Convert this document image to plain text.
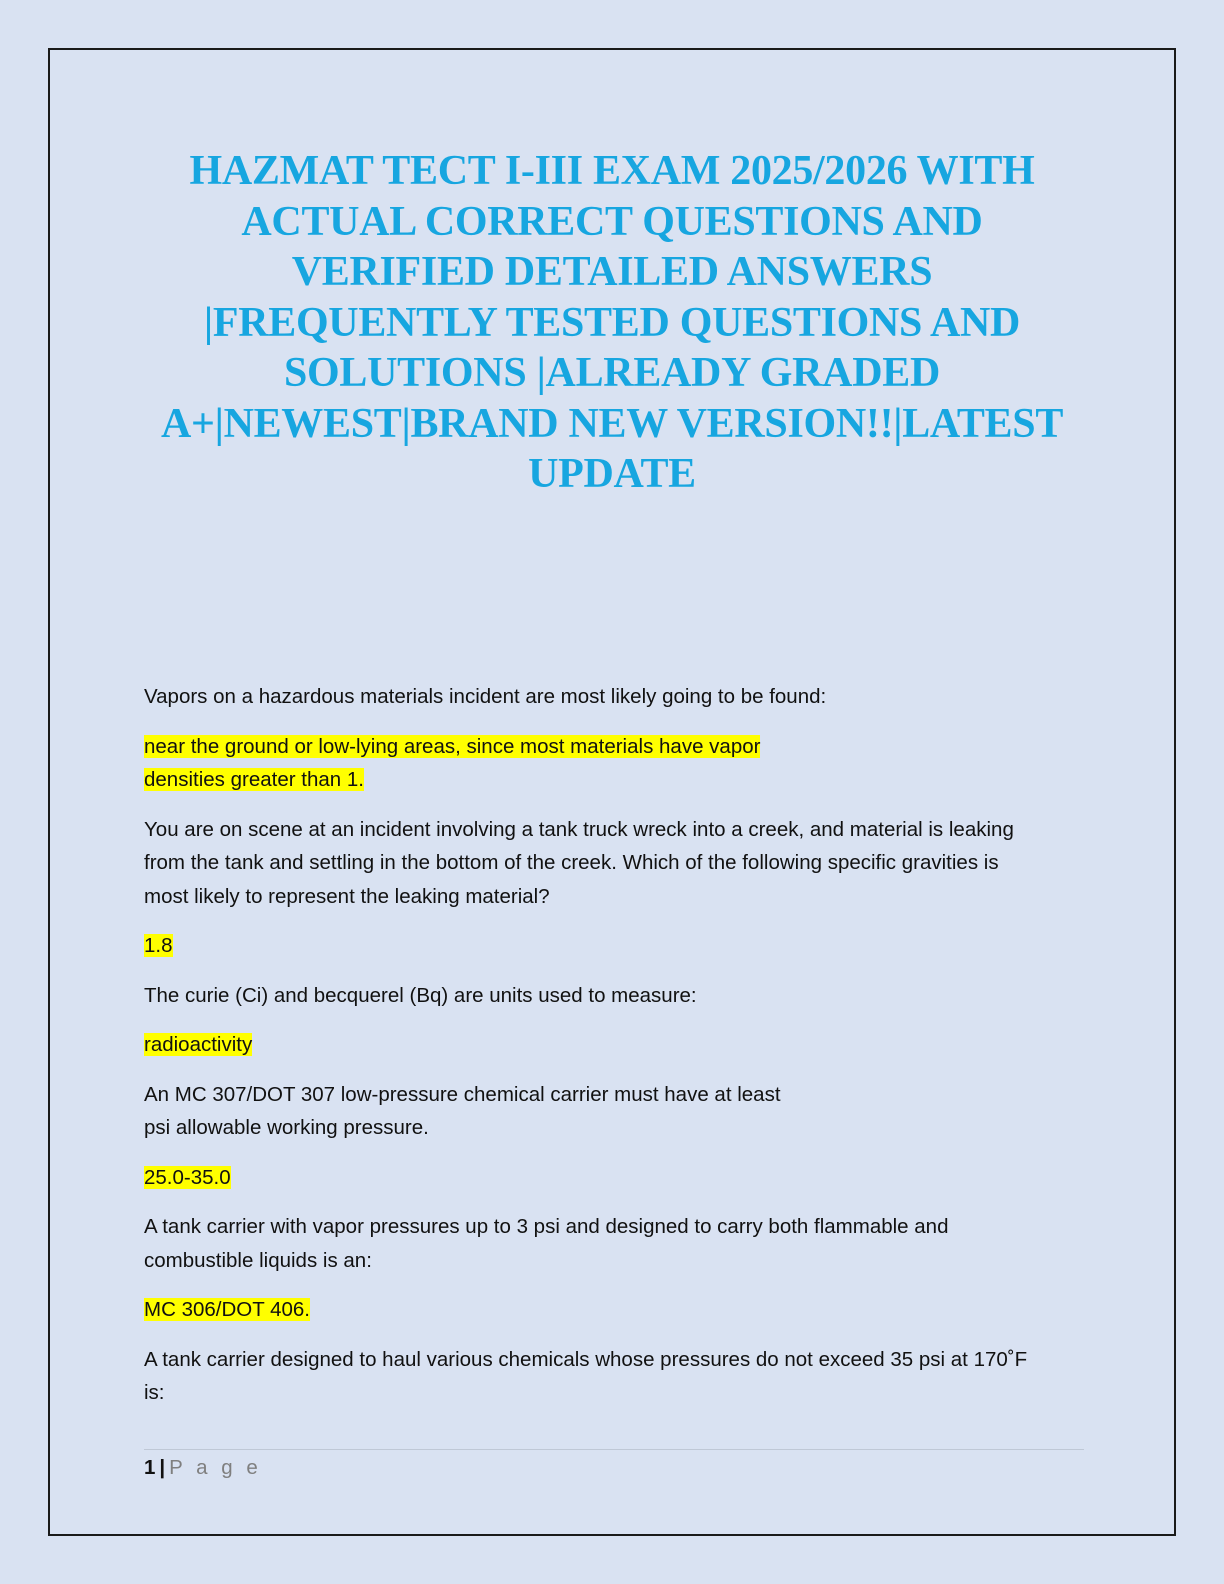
HAZMAT TECT I-III EXAM 2025/2026 WITH
ACTUAL CORRECT QUESTIONS AND
VERIFIED DETAILED ANSWERS
|FREQUENTLY TESTED QUESTIONS AND
SOLUTIONS |ALREADY GRADED
A+|NEWEST|BRAND NEW VERSION!!|LATEST
UPDATE

Vapors on a hazardous materials incident are most likely going to be found:

near the ground or low-lying areas, since most materials have vapor
densities greater than 1.

You are on scene at an incident involving a tank truck wreck into a creek, and material is leaking
from the tank and settling in the bottom of the creek. Which of the following specific gravities is
most likely to represent the leaking material?

1.8

The curie (Ci) and becquerel (Bq) are units used to measure:

radioactivity

An MC 307/DOT 307 low-pressure chemical carrier must have at least
psi allowable working pressure.

25.0-35.0

A tank carrier with vapor pressures up to 3 psi and designed to carry both flammable and
combustible liquids is an:

MC 306/DOT 406.

A tank carrier designed to haul various chemicals whose pressures do not exceed 35 psi at 170˚F
is:

1 | P a g e
